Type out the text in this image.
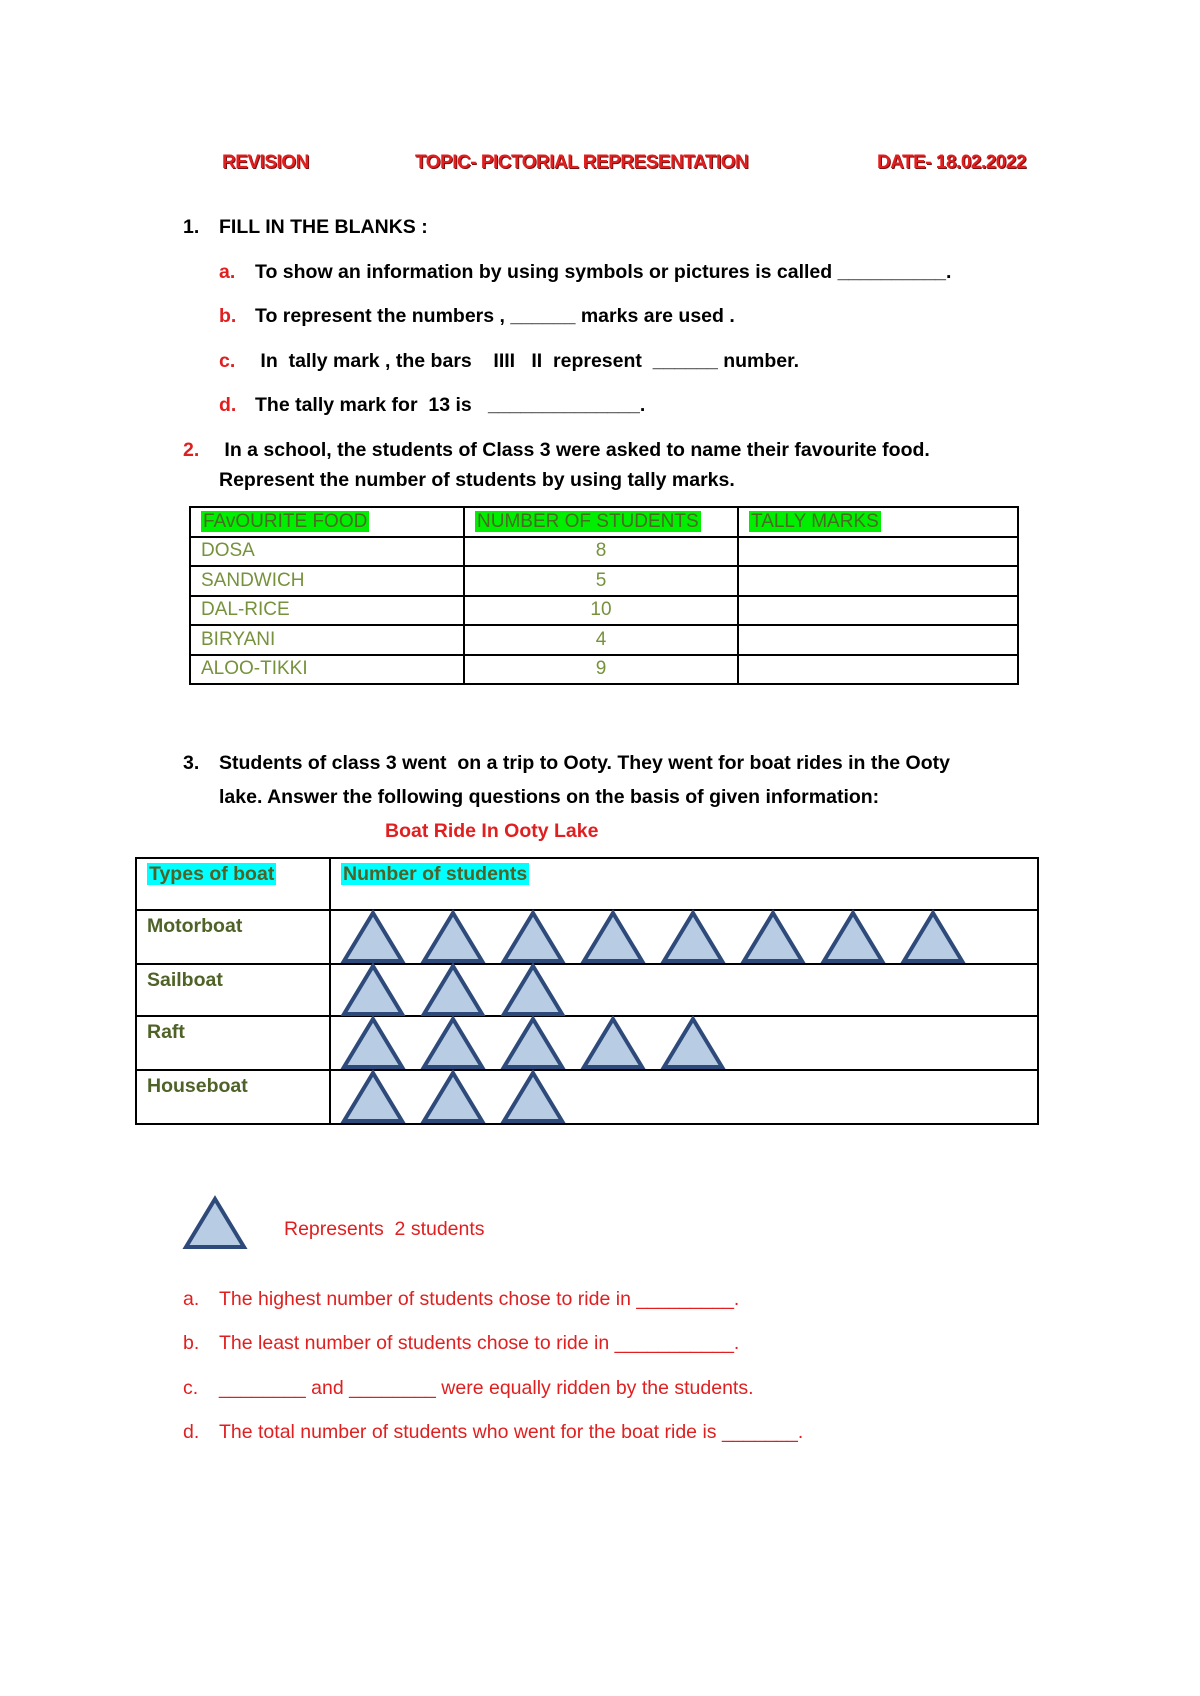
REVISION	TOPIC- PICTORIAL REPRESENTATION	DATE- 18.02.2022
1. FILL IN THE BLANKS :
a. To show an information by using symbols or pictures is called __________.
b. To represent the numbers , ______ marks are used .
c. In  tally mark , the bars    IIII   II  represent  ______ number.
d. The tally mark for  13 is   ______________.
2. In a school, the students of Class 3 were asked to name their favourite food.
Represent the number of students by using tally marks.
FAvOURITE FOOD	NUMBER OF STUDENTS	TALLY MARKS
DOSA	8	
SANDWICH	5	
DAL-RICE	10	
BIRYANI	4	
ALOO-TIKKI	9	
3. Students of class 3 went  on a trip to Ooty. They went for boat rides in the Ooty
lake. Answer the following questions on the basis of given information:
Boat Ride In Ooty Lake
Types of boat	Number of students
Motorboat	
Sailboat	
Raft	
Houseboat	
Represents  2 students
a. The highest number of students chose to ride in _________.
b. The least number of students chose to ride in ___________.
c. ________ and ________ were equally ridden by the students.
d. The total number of students who went for the boat ride is _______.
